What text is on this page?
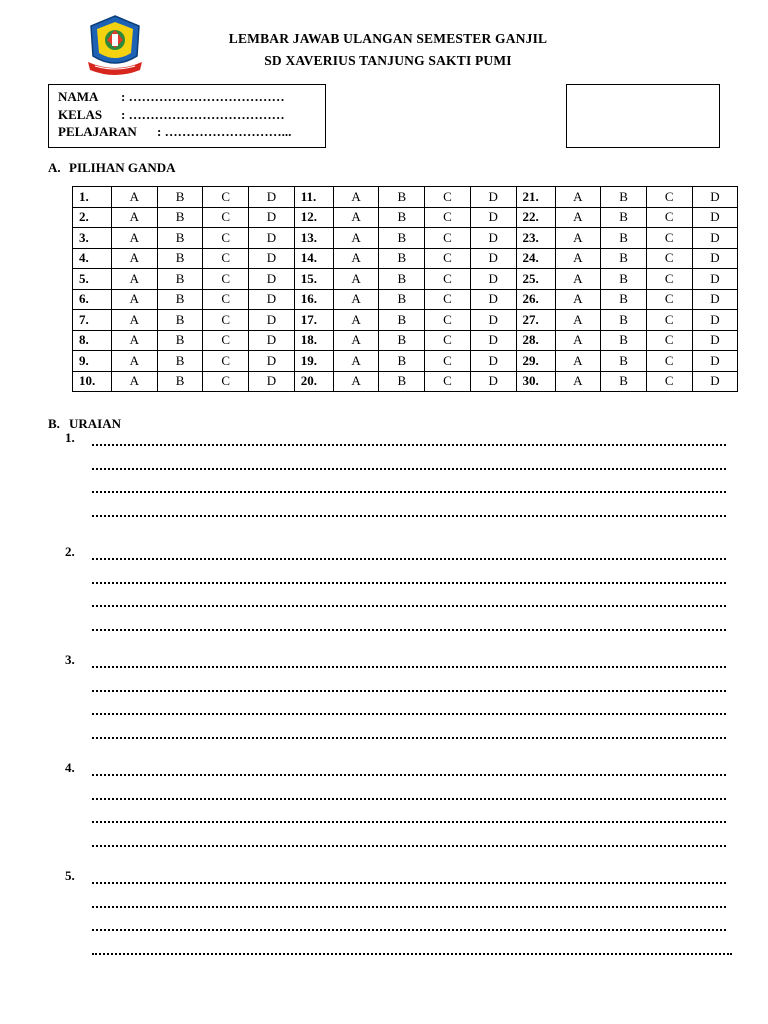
LEMBAR JAWAB ULANGAN SEMESTER GANJIL
SD XAVERIUS TANJUNG SAKTI PUMI
NAMA : ………………………………
KELAS : ………………………………
PELAJARAN : ………………………...
A. PILIHAN GANDA
1.	A	B	C	D	11.	A	B	C	D	21.	A	B	C	D
2.	A	B	C	D	12.	A	B	C	D	22.	A	B	C	D
3.	A	B	C	D	13.	A	B	C	D	23.	A	B	C	D
4.	A	B	C	D	14.	A	B	C	D	24.	A	B	C	D
5.	A	B	C	D	15.	A	B	C	D	25.	A	B	C	D
6.	A	B	C	D	16.	A	B	C	D	26.	A	B	C	D
7.	A	B	C	D	17.	A	B	C	D	27.	A	B	C	D
8.	A	B	C	D	18.	A	B	C	D	28.	A	B	C	D
9.	A	B	C	D	19.	A	B	C	D	29.	A	B	C	D
10.	A	B	C	D	20.	A	B	C	D	30.	A	B	C	D
B. URAIAN
1.
2.
3.
4.
5.
